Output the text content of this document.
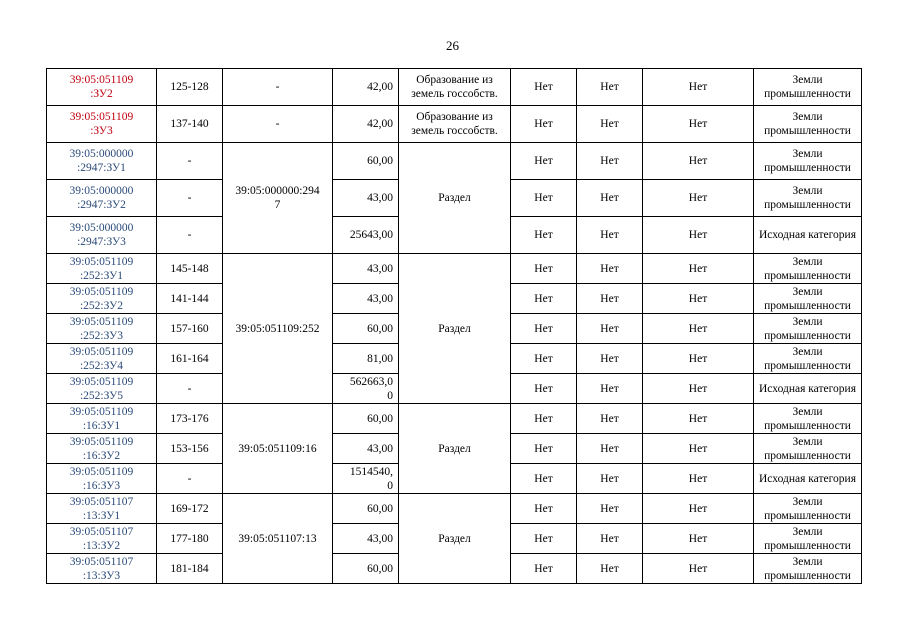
26
39:05:051109
:ЗУ2	125-128	-	42,00	Образование из земель госсобств.	Нет	Нет	Нет	Земли промышленности
39:05:051109
:ЗУ3	137-140	-	42,00	Образование из земель госсобств.	Нет	Нет	Нет	Земли промышленности
39:05:000000
:2947:ЗУ1	-	39:05:000000:294
7	60,00	Раздел	Нет	Нет	Нет	Земли промышленности
39:05:000000
:2947:ЗУ2	-		43,00		Нет	Нет	Нет	Земли промышленности
39:05:000000
:2947:ЗУ3	-		25643,00		Нет	Нет	Нет	Исходная категория
39:05:051109
:252:ЗУ1	145-148	39:05:051109:252	43,00	Раздел	Нет	Нет	Нет	Земли промышленности
39:05:051109
:252:ЗУ2	141-144		43,00		Нет	Нет	Нет	Земли промышленности
39:05:051109
:252:ЗУ3	157-160		60,00		Нет	Нет	Нет	Земли промышленности
39:05:051109
:252:ЗУ4	161-164		81,00		Нет	Нет	Нет	Земли промышленности
39:05:051109
:252:ЗУ5	-		562663,0
0		Нет	Нет	Нет	Исходная категория
39:05:051109
:16:ЗУ1	173-176	39:05:051109:16	60,00	Раздел	Нет	Нет	Нет	Земли промышленности
39:05:051109
:16:ЗУ2	153-156		43,00		Нет	Нет	Нет	Земли промышленности
39:05:051109
:16:ЗУ3	-		1514540,
0		Нет	Нет	Нет	Исходная категория
39:05:051107
:13:ЗУ1	169-172	39:05:051107:13	60,00	Раздел	Нет	Нет	Нет	Земли промышленности
39:05:051107
:13:ЗУ2	177-180		43,00		Нет	Нет	Нет	Земли промышленности
39:05:051107
:13:ЗУ3	181-184		60,00		Нет	Нет	Нет	Земли промышленности
